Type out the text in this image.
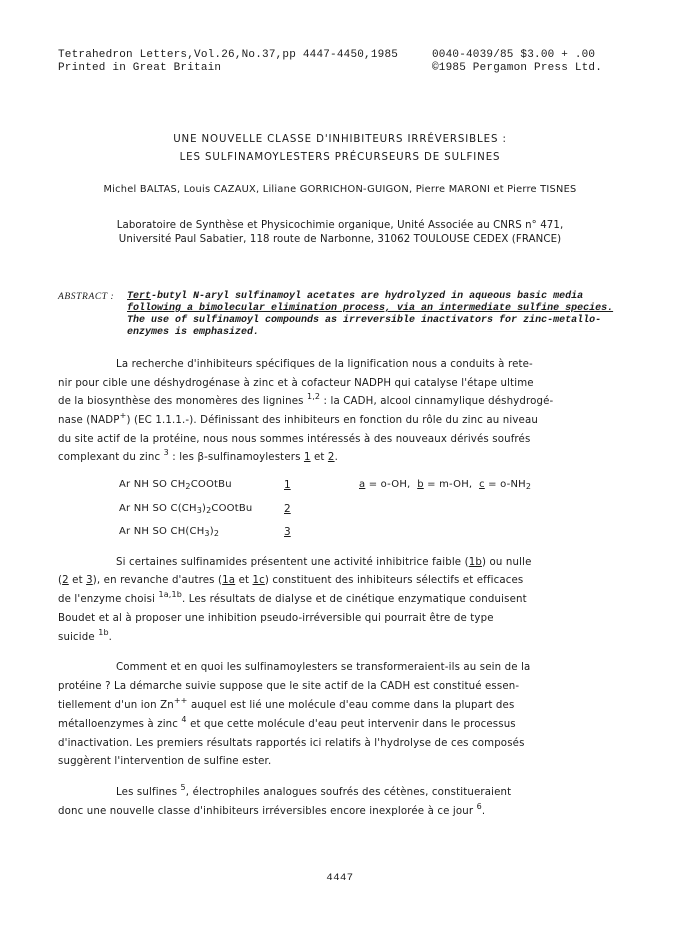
Tetrahedron Letters,Vol.26,No.37,pp 4447-4450,1985
Printed in Great Britain
0040-4039/85 $3.00 + .00
©1985 Pergamon Press Ltd.
UNE NOUVELLE CLASSE D'INHIBITEURS IRRÉVERSIBLES :
LES SULFINAMOYLESTERS PRÉCURSEURS DE SULFINES
Michel BALTAS, Louis CAZAUX, Liliane GORRICHON-GUIGON, Pierre MARONI et Pierre TISNES
Laboratoire de Synthèse et Physicochimie organique, Unité Associée au CNRS n° 471,
Université Paul Sabatier, 118 route de Narbonne, 31062 TOULOUSE CEDEX (FRANCE)
ABSTRACT : Tert-butyl N-aryl sulfinamoyl acetates are hydrolyzed in aqueous basic media
following a bimolecular elimination process, via an intermediate sulfine species.
The use of sulfinamoyl compounds as irreversible inactivators for zinc-metallo-
enzymes is emphasized.
La recherche d'inhibiteurs spécifiques de la lignification nous a conduits à rete-
nir pour cible une déshydrogénase à zinc et à cofacteur NADPH qui catalyse l'étape ultime
de la biosynthèse des monomères des lignines $^{1,2}$ : la CADH, alcool cinnamylique déshydrogé-
nase (NADP+) (EC 1.1.1.-). Définissant des inhibiteurs en fonction du rôle du zinc au niveau
du site actif de la protéine, nous nous sommes intéressés à des nouveaux dérivés soufrés
complexant du zinc $^3$ : les β-sulfinamoylesters 1 et 2.
Ar NH SO $CH_2COOtBu$	1	a = o-OH, b = m-OH, $c = o-NH_2$
Ar NH SO $C(CH_3)_2COOtBu$	2
Ar NH SO $CH(CH_3)_2$	3
Si certaines sulfinamides présentent une activité inhibitrice faible (1b) ou nulle
(2 et 3), en revanche d'autres (1a et 1c) constituent des inhibiteurs sélectifs et efficaces
de l'enzyme choisi $^{1a,1b}$. Les résultats de dialyse et de cinétique enzymatique conduisent
Boudet et al à proposer une inhibition pseudo-irréversible qui pourrait être de type
suicide $^{1b}$.
Comment et en quoi les sulfinamoylesters se transformeraient-ils au sein de la
protéine ? La démarche suivie suppose que le site actif de la CADH est constitué essen-
tiellement d'un ion Zn++ auquel est lié une molécule d'eau comme dans la plupart des
métalloenzymes à zinc $^4$ et que cette molécule d'eau peut intervenir dans le processus
d'inactivation. Les premiers résultats rapportés ici relatifs à l'hydrolyse de ces composés
suggèrent l'intervention de sulfine ester.
Les sulfines $^5$, électrophiles analogues soufrés des cétènes, constitueraient
donc une nouvelle classe d'inhibiteurs irréversibles encore inexplorée à ce jour $^6$.
4447
